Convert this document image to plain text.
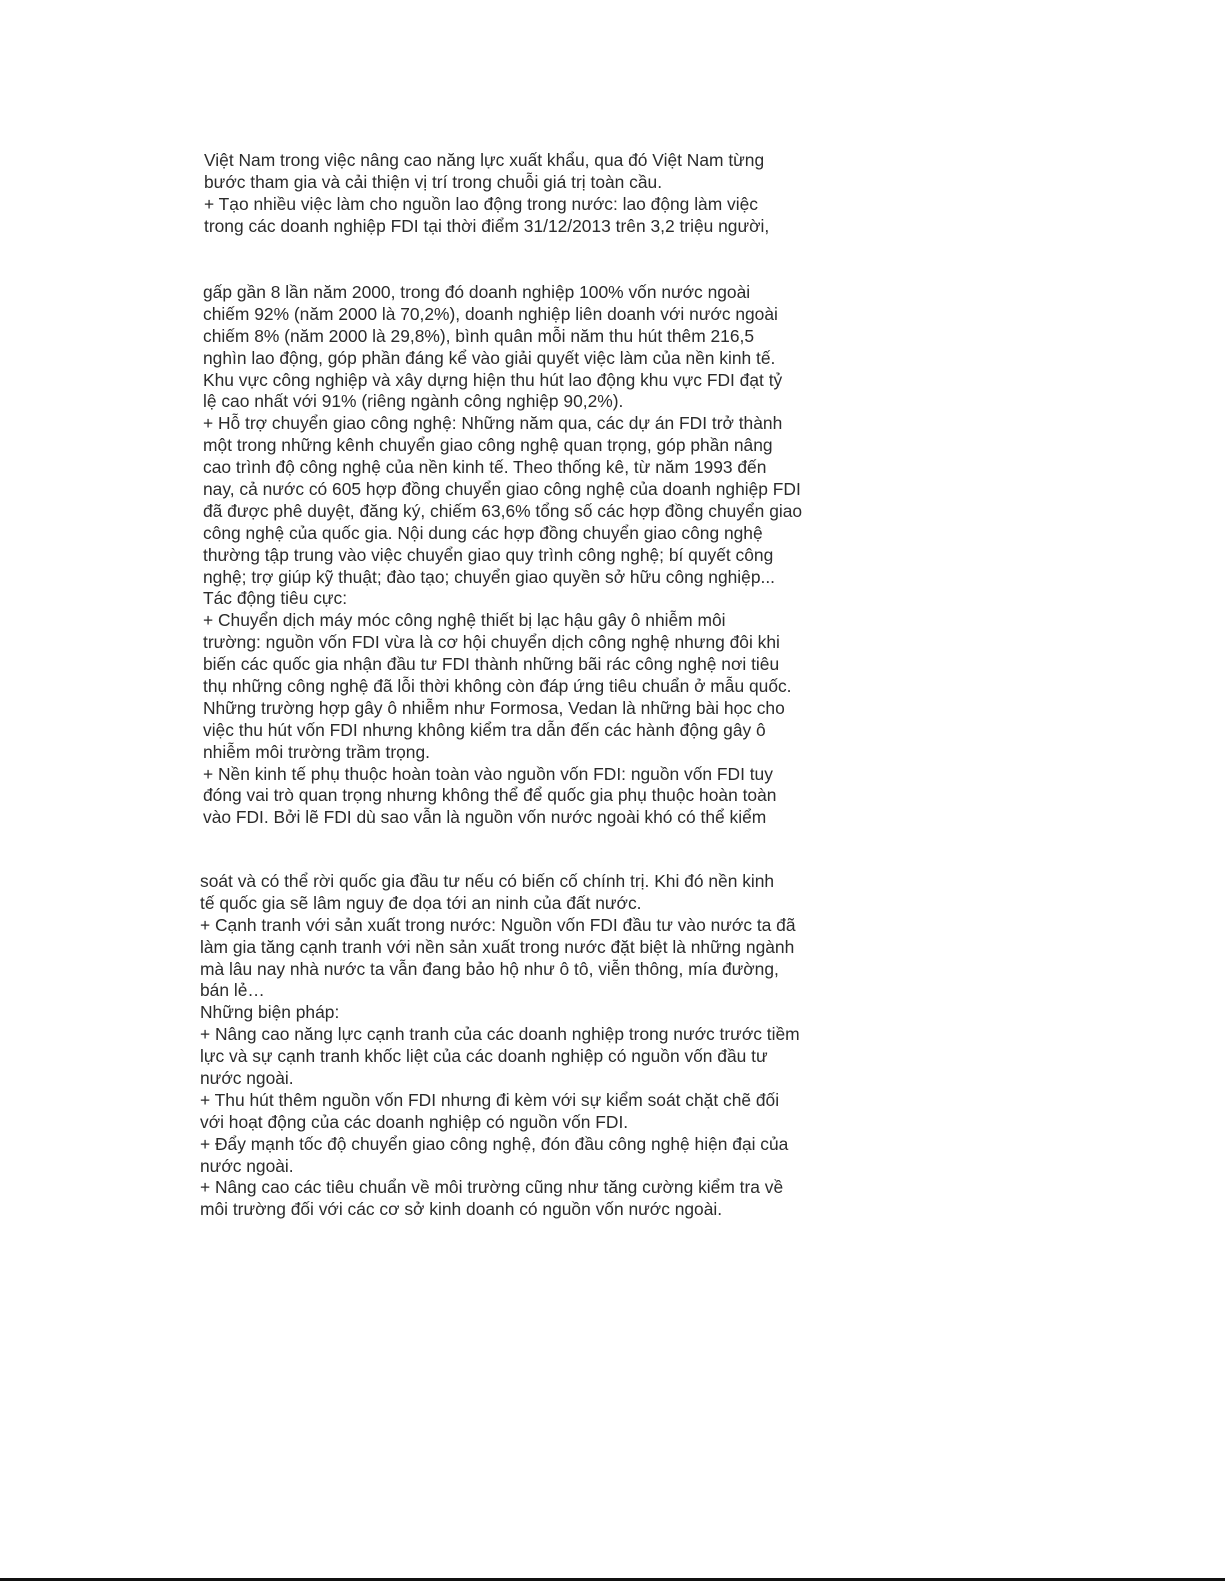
Việt Nam trong việc nâng cao năng lực xuất khẩu, qua đó Việt Nam từng
bước tham gia và cải thiện vị trí trong chuỗi giá trị toàn cầu.
+ Tạo nhiều việc làm cho nguồn lao động trong nước: lao động làm việc
trong các doanh nghiệp FDI tại thời điểm 31/12/2013 trên 3,2 triệu người,
gấp gần 8 lần năm 2000, trong đó doanh nghiệp 100% vốn nước ngoài
chiếm 92% (năm 2000 là 70,2%), doanh nghiệp liên doanh với nước ngoài
chiếm 8% (năm 2000 là 29,8%), bình quân mỗi năm thu hút thêm 216,5
nghìn lao động, góp phần đáng kể vào giải quyết việc làm của nền kinh tế.
Khu vực công nghiệp và xây dựng hiện thu hút lao động khu vực FDI đạt tỷ
lệ cao nhất với 91% (riêng ngành công nghiệp 90,2%).
+ Hỗ trợ chuyển giao công nghệ: Những năm qua, các dự án FDI trở thành
một trong những kênh chuyển giao công nghệ quan trọng, góp phần nâng
cao trình độ công nghệ của nền kinh tế. Theo thống kê, từ năm 1993 đến
nay, cả nước có 605 hợp đồng chuyển giao công nghệ của doanh nghiệp FDI
đã được phê duyệt, đăng ký, chiếm 63,6% tổng số các hợp đồng chuyển giao
công nghệ của quốc gia. Nội dung các hợp đồng chuyển giao công nghệ
thường tập trung vào việc chuyển giao quy trình công nghệ; bí quyết công
nghệ; trợ giúp kỹ thuật; đào tạo; chuyển giao quyền sở hữu công nghiệp...
Tác động tiêu cực:
+ Chuyển dịch máy móc công nghệ thiết bị lạc hậu gây ô nhiễm môi
trường: nguồn vốn FDI vừa là cơ hội chuyển dịch công nghệ nhưng đôi khi
biến các quốc gia nhận đầu tư FDI thành những bãi rác công nghệ nơi tiêu
thụ những công nghệ đã lỗi thời không còn đáp ứng tiêu chuẩn ở mẫu quốc.
Những trường hợp gây ô nhiễm như Formosa, Vedan là những bài học cho
việc thu hút vốn FDI nhưng không kiểm tra dẫn đến các hành động gây ô
nhiễm môi trường trầm trọng.
+ Nền kinh tế phụ thuộc hoàn toàn vào nguồn vốn FDI: nguồn vốn FDI tuy
đóng vai trò quan trọng nhưng không thể để quốc gia phụ thuộc hoàn toàn
vào FDI. Bởi lẽ FDI dù sao vẫn là nguồn vốn nước ngoài khó có thể kiểm
soát và có thể rời quốc gia đầu tư nếu có biến cố chính trị. Khi đó nền kinh
tế quốc gia sẽ lâm nguy đe dọa tới an ninh của đất nước.
+ Cạnh tranh với sản xuất trong nước: Nguồn vốn FDI đầu tư vào nước ta đã
làm gia tăng cạnh tranh với nền sản xuất trong nước đặt biệt là những ngành
mà lâu nay nhà nước ta vẫn đang bảo hộ như ô tô, viễn thông, mía đường,
bán lẻ…
Những biện pháp:
+ Nâng cao năng lực cạnh tranh của các doanh nghiệp trong nước trước tiềm
lực và sự cạnh tranh khốc liệt của các doanh nghiệp có nguồn vốn đầu tư
nước ngoài.
+ Thu hút thêm nguồn vốn FDI nhưng đi kèm với sự kiểm soát chặt chẽ đối
với hoạt động của các doanh nghiệp có nguồn vốn FDI.
+ Đẩy mạnh tốc độ chuyển giao công nghệ, đón đầu công nghệ hiện đại của
nước ngoài.
+ Nâng cao các tiêu chuẩn về môi trường cũng như tăng cường kiểm tra về
môi trường đối với các cơ sở kinh doanh có nguồn vốn nước ngoài.
